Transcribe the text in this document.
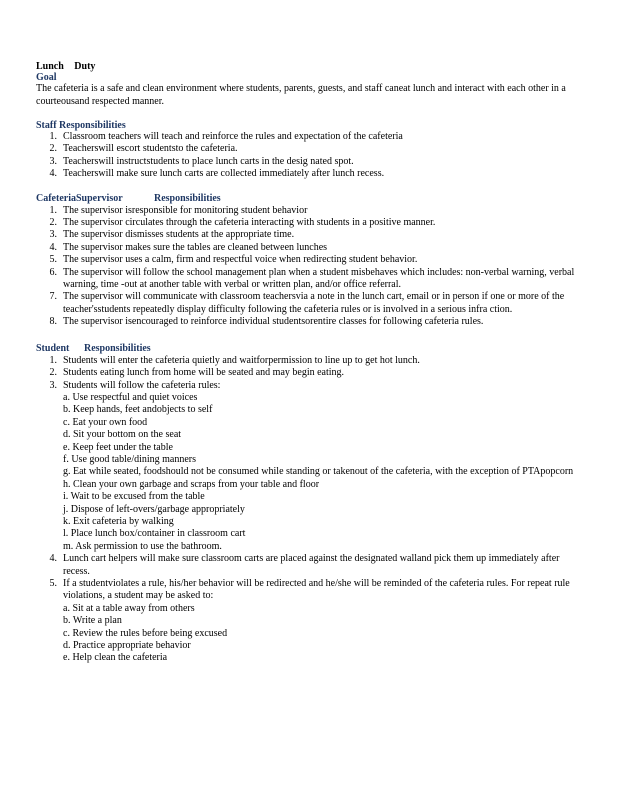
Lunch Duty
Goal
The cafeteria is a safe and clean environment where students, parents, guests, and staff caneat lunch and interact with each other in a courteousand respected manner.
Staff Responsibilities
1. Classroom teachers will teach and reinforce the rules and expectation of the cafeteria
2. Teacherswill escort studentsto the cafeteria.
3. Teacherswill instructstudents to place lunch carts in the desig nated spot.
4. Teacherswill make sure lunch carts are collected immediately after lunch recess.
CafeteriaSupervisor	Responsibilities
1. The supervisor isresponsible for monitoring student behavior
2. The supervisor circulates through the cafeteria interacting with students in a positive manner.
3. The supervisor dismisses students at the appropriate time.
4. The supervisor makes sure the tables are cleaned between lunches
5. The supervisor uses a calm, firm and respectful voice when redirecting student behavior.
6. The supervisor will follow the school management plan when a student misbehaves which includes: non-verbal warning, verbal warning, time -out at another table with verbal or written plan, and/or office referral.
7. The supervisor will communicate with classroom teachersvia a note in the lunch cart, email or in person if one or more of the teacher'sstudents repeatedly display difficulty following the cafeteria rules or is involved in a serious infra ction.
8. The supervisor isencouraged to reinforce individual studentsorentire classes for following cafeteria rules.
Student	Responsibilities
1. Students will enter the cafeteria quietly and waitforpermission to line up to get hot lunch.
2. Students eating lunch from home will be seated and may begin eating.
3. Students will follow the cafeteria rules:
a. Use respectful and quiet voices
b. Keep hands, feet andobjects to self
c. Eat your own food
d. Sit your bottom on the seat
e. Keep feet under the table
f. Use good table/dining manners
g. Eat while seated, foodshould not be consumed while standing or takenout of the cafeteria, with the exception of PTApopcorn
h. Clean your own garbage and scraps from your table and floor
i. Wait to be excused from the table
j. Dispose of left-overs/garbage appropriately
k. Exit cafeteria by walking
l. Place lunch box/container in classroom cart
m. Ask permission to use the bathroom.
4. Lunch cart helpers will make sure classroom carts are placed against the designated walland pick them up immediately after recess.
5. If a studentviolates a rule, his/her behavior will be redirected and he/she will be reminded of the cafeteria rules. For repeat rule violations, a student may be asked to:
a. Sit at a table away from others
b. Write a plan
c. Review the rules before being excused
d. Practice appropriate behavior
e. Help clean the cafeteria
